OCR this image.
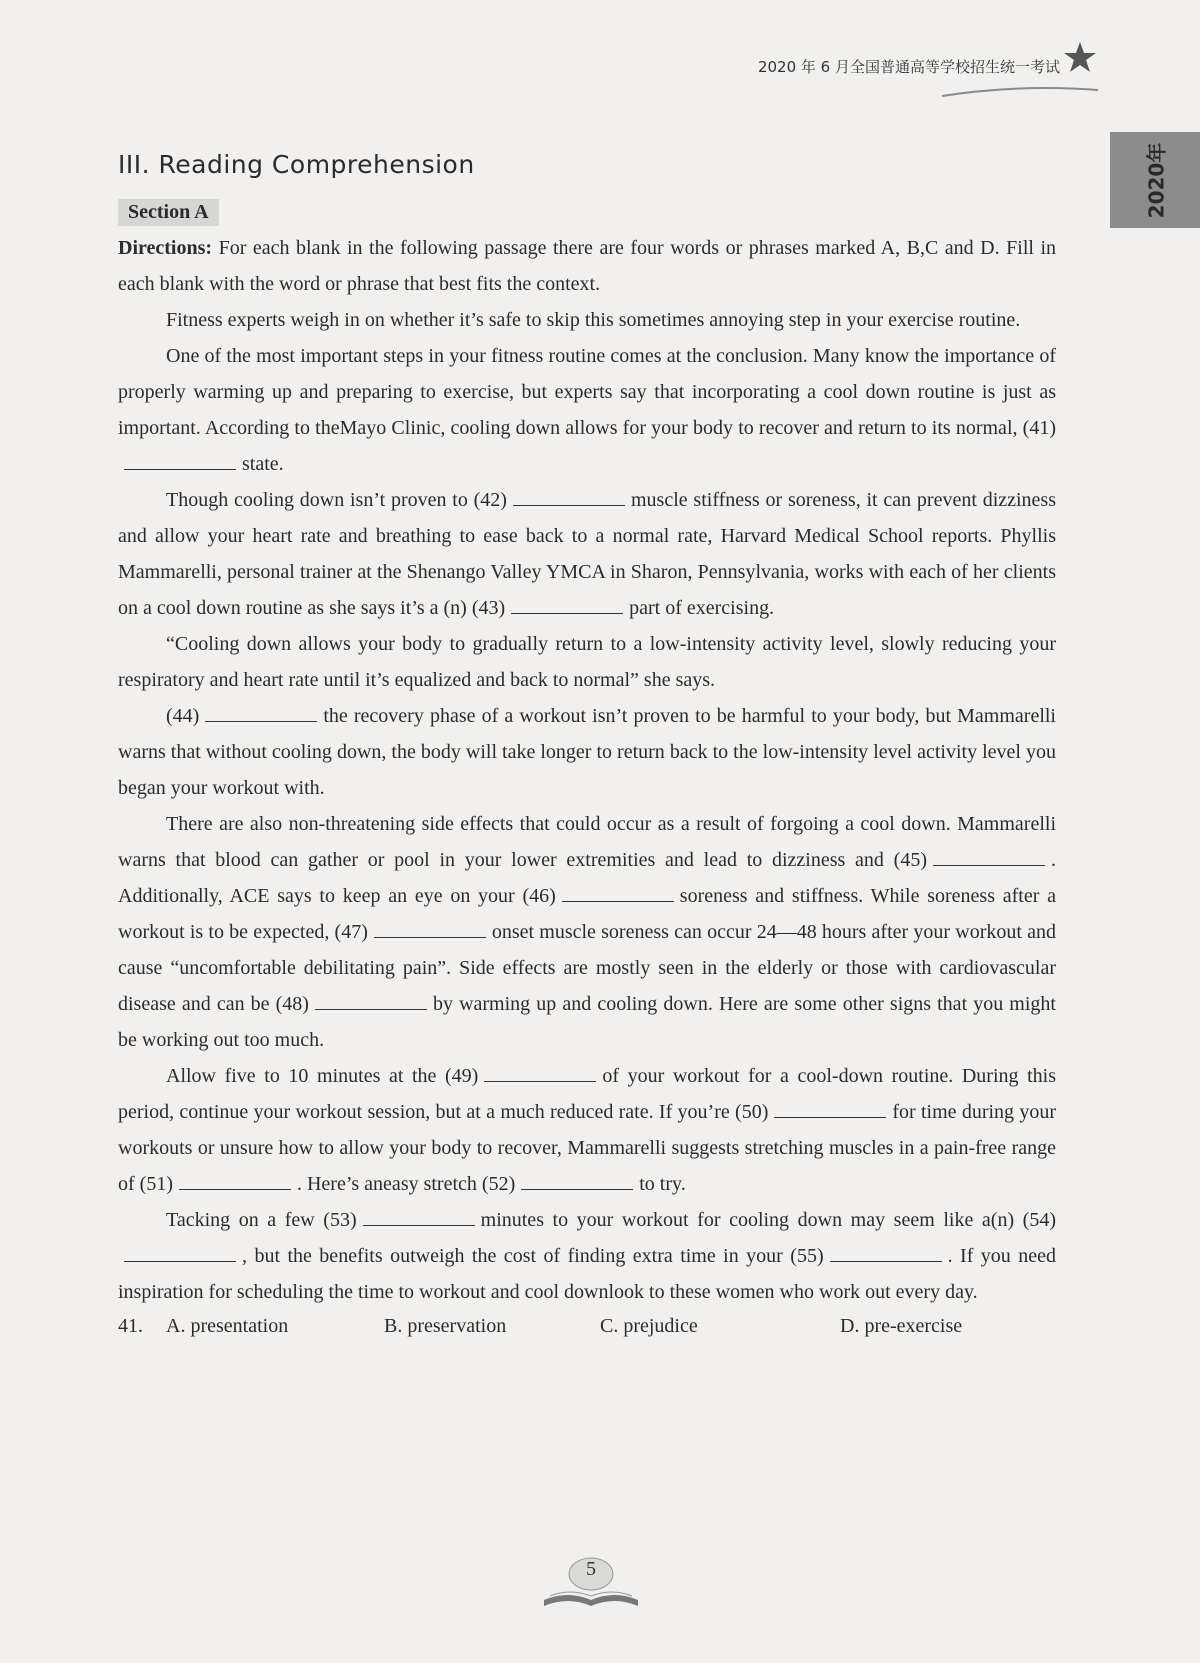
2020 年 6 月全国普通高等学校招生统一考试
2020年
III. Reading Comprehension
Section A

Directions: For each blank in the following passage there are four words or phrases marked A, B,C and D. Fill in each blank with the word or phrase that best fits the context.

Fitness experts weigh in on whether it’s safe to skip this sometimes annoying step in your exercise routine.

One of the most important steps in your fitness routine comes at the conclusion. Many know the importance of properly warming up and preparing to exercise, but experts say that incorporating a cool down routine is just as important. According to theMayo Clinic, cooling down allows for your body to recover and return to its normal, (41)state.

Though cooling down isn’t proven to (42)	muscle stiffness or soreness, it can prevent dizziness and allow your heart rate and breathing to ease back to a normal rate, Harvard Medical School reports. Phyllis Mammarelli, personal trainer at the Shenango Valley YMCA in Sharon, Pennsylvania, works with each of her clients on a cool down routine as she says it’s a (n) (43)	part of exercising.

“Cooling down allows your body to gradually return to a low-intensity activity level, slowly reducing your respiratory and heart rate until it’s equalized and back to normal” she says.

(44)	the recovery phase of a workout isn’t proven to be harmful to your body, but Mammarelli warns that without cooling down, the body will take longer to return back to the low-intensity level activity level you began your workout with.

There are also non-threatening side effects that could occur as a result of forgoing a cool down. Mammarelli warns that blood can gather or pool in your lower extremities and lead to dizziness and (45)	. Additionally, ACE says to keep an eye on your (46)	soreness and stiffness. While soreness after a workout is to be expected, (47)	onset muscle soreness can occur 24—48 hours after your workout and cause “uncomfortable debilitating pain”. Side effects are mostly seen in the elderly or those with cardiovascular disease and can be (48)	by warming up and cooling down. Here are some other signs that you might be working out too much.

Allow five to 10 minutes at the (49)	of your workout for a cool-down routine. During this period, continue your workout session, but at a much reduced rate. If you’re (50)	for time during your workouts or unsure how to allow your body to recover, Mammarelli suggests stretching muscles in a pain-free range of (51)	. Here’s aneasy stretch (52)	to try.

Tacking on a few (53)	minutes to your workout for cooling down may seem like a(n) (54), but the benefits outweigh the cost of finding extra time in your (55)	. If you need inspiration for scheduling the time to workout and cool downlook to these women who work out every day.

41.	A. presentation	B. preservation	C. prejudice	D. pre-exercise
5
